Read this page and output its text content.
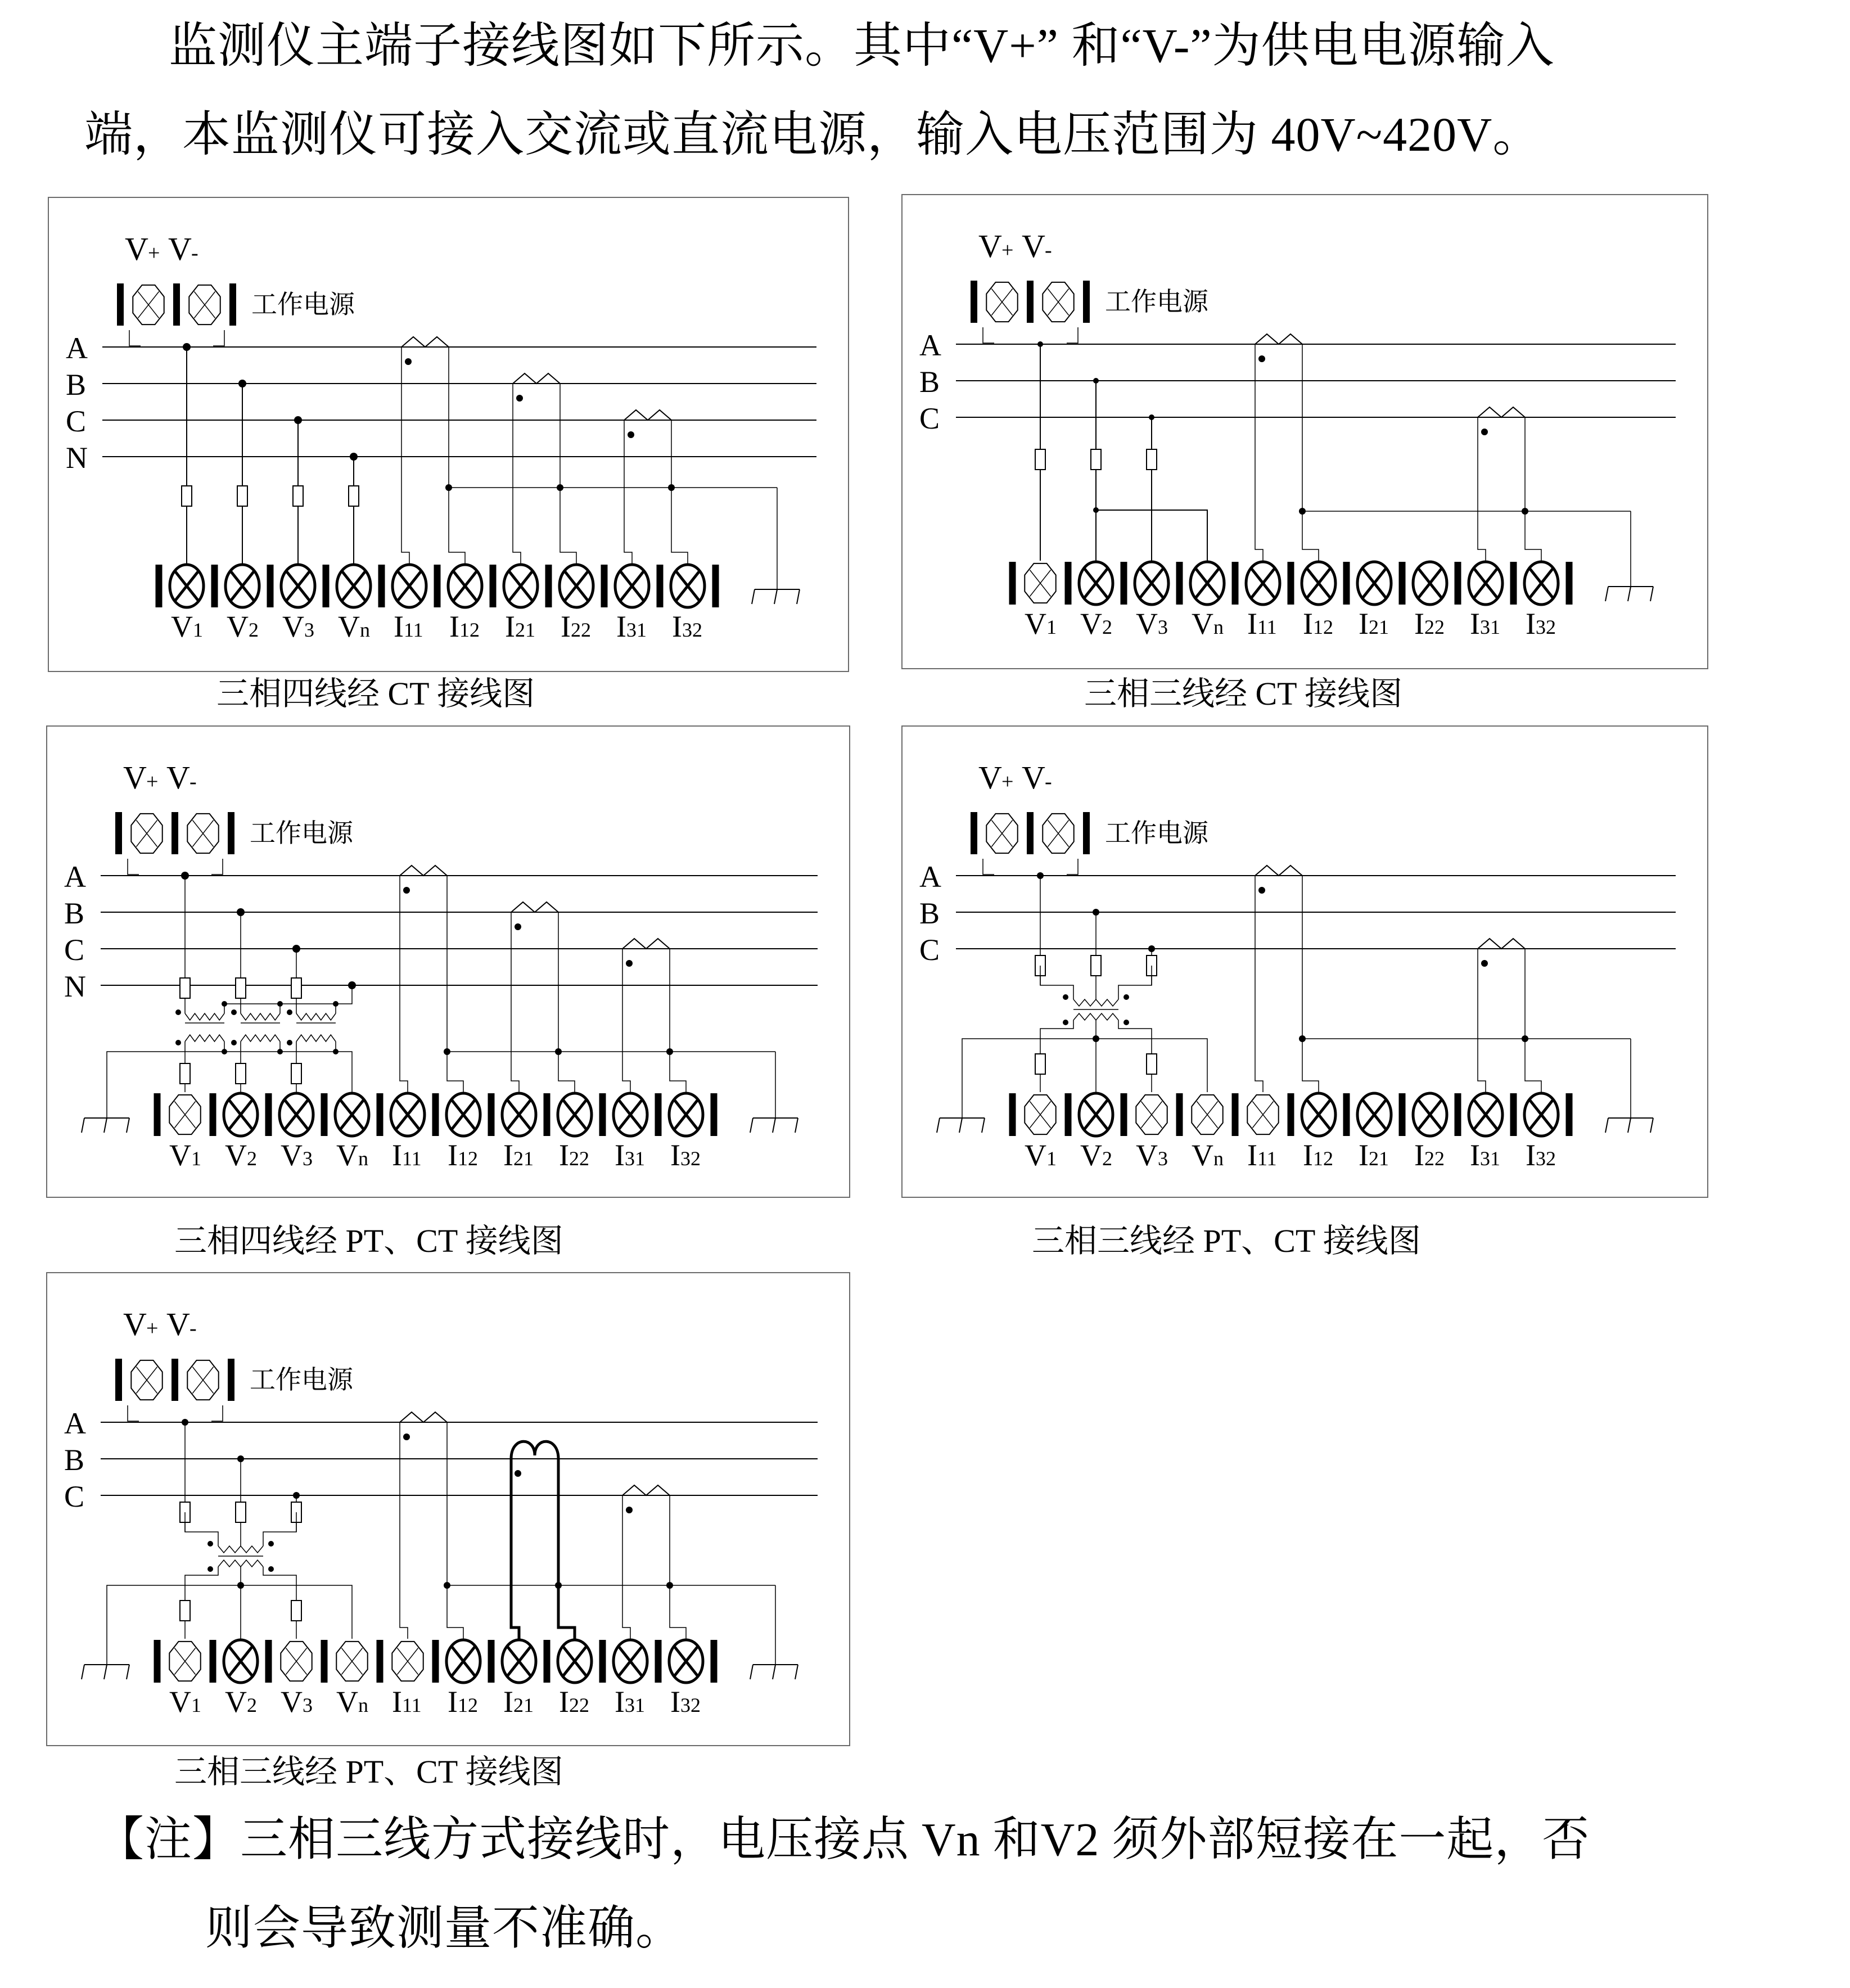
监测仪主端子接线图如下所示。其中“V+” 和“V-”为供电电源输入
端，本监测仪可接入交流或直流电源，输入电压范围为 40V~420V。
V + V -
工作电源
A
B
C
N
V1 V2 V3 Vn I11 I12 I21 I22 I31 I32
三相四线经 CT 接线图
V + V -
工作电源
A
B
C
V1 V2 V3 Vn I11 I12 I21 I22 I31 I32
三相三线经 CT 接线图
V + V -
工作电源
A
B
C
N
V1 V2 V3 Vn I11 I12 I21 I22 I31 I32
三相四线经 PT、CT 接线图
V + V -
工作电源
A
B
C
V1 V2 V3 Vn I11 I12 I21 I22 I31 I32
三相三线经 PT、CT 接线图
V + V -
工作电源
A
B
C
V1 V2 V3 Vn I11 I12 I21 I22 I31 I32
三相三线经 PT、CT 接线图
【注】三相三线方式接线时，电压接点 Vn 和V2 须外部短接在一起，否
则会导致测量不准确。
